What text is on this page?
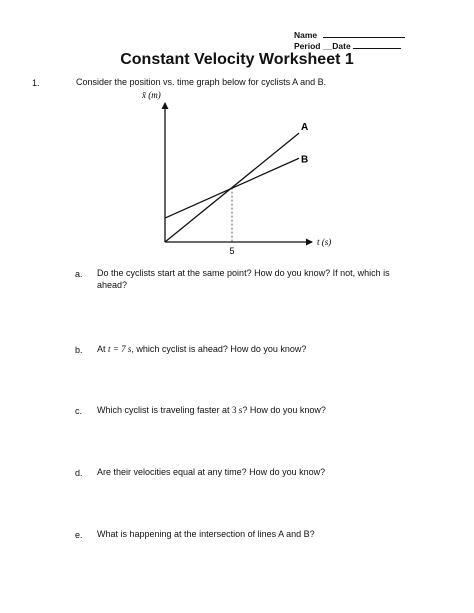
Name
Period __Date
Constant Velocity Worksheet 1
1.	Consider the position vs. time graph below for cyclists A and B.
x̄ (m)
t (s)
A
B
5
a. Do the cyclists start at the same point? How do you know? If not, which is
ahead?
b. At t = 7 s, which cyclist is ahead? How do you know?
c. Which cyclist is traveling faster at 3 s? How do you know?
d. Are their velocities equal at any time? How do you know?
e. What is happening at the intersection of lines A and B?
